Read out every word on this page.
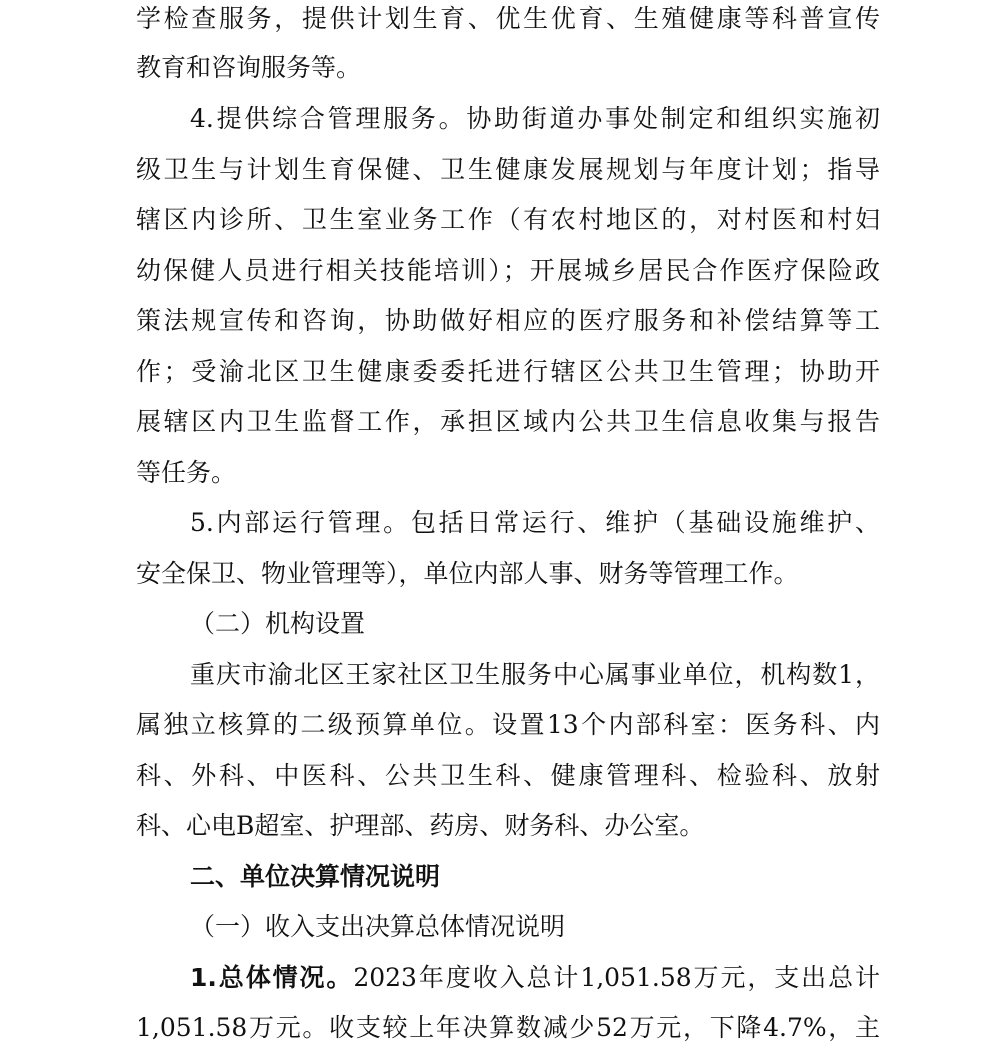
学检查服务，提供计划生育、优生优育、生殖健康等科普宣传
教育和咨询服务等。
4.提供综合管理服务。协助街道办事处制定和组织实施初
级卫生与计划生育保健、卫生健康发展规划与年度计划；指导
辖区内诊所、卫生室业务工作（有农村地区的，对村医和村妇
幼保健人员进行相关技能培训）；开展城乡居民合作医疗保险政
策法规宣传和咨询，协助做好相应的医疗服务和补偿结算等工
作；受渝北区卫生健康委委托进行辖区公共卫生管理；协助开
展辖区内卫生监督工作，承担区域内公共卫生信息收集与报告
等任务。
5.内部运行管理。包括日常运行、维护（基础设施维护、
安全保卫、物业管理等），单位内部人事、财务等管理工作。
（二）机构设置
重庆市渝北区王家社区卫生服务中心属事业单位，机构数1，
属独立核算的二级预算单位。设置13个内部科室：医务科、内
科、外科、中医科、公共卫生科、健康管理科、检验科、放射
科、心电B超室、护理部、药房、财务科、办公室。
二、单位决算情况说明
（一）收入支出决算总体情况说明
1.总体情况。2023年度收入总计1,051.58万元，支出总计
1,051.58万元。收支较上年决算数减少52万元，下降4.7%，主
